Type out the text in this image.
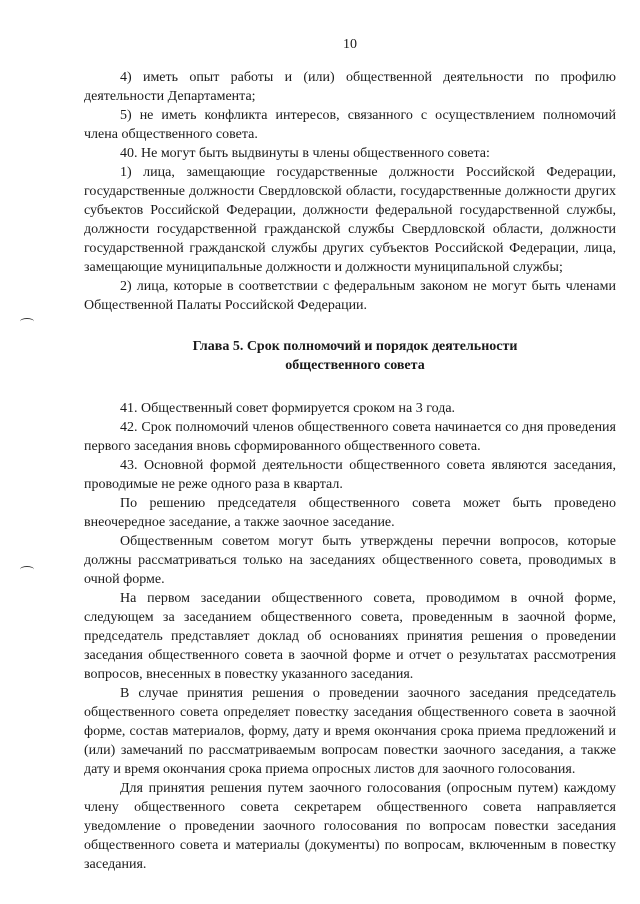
10

4) иметь опыт работы и (или) общественной деятельности по профилю деятельности Департамента;

5) не иметь конфликта интересов, связанного с осуществлением полномочий члена общественного совета.

40. Не могут быть выдвинуты в члены общественного совета:

1) лица, замещающие государственные должности Российской Федерации, государственные должности Свердловской области, государственные должности других субъектов Российской Федерации, должности федеральной государственной службы, должности государственной гражданской службы Свердловской области, должности государственной гражданской службы других субъектов Российской Федерации, лица, замещающие муниципальные должности и должности муниципальной службы;

2) лица, которые в соответствии с федеральным законом не могут быть членами Общественной Палаты Российской Федерации.

Глава 5. Срок полномочий и порядок деятельности
общественного совета

41. Общественный совет формируется сроком на 3 года.

42. Срок полномочий членов общественного совета начинается со дня проведения первого заседания вновь сформированного общественного совета.

43. Основной формой деятельности общественного совета являются заседания, проводимые не реже одного раза в квартал.

По решению председателя общественного совета может быть проведено внеочередное заседание, а также заочное заседание.

Общественным советом могут быть утверждены перечни вопросов, которые должны рассматриваться только на заседаниях общественного совета, проводимых в очной форме.

На первом заседании общественного совета, проводимом в очной форме, следующем за заседанием общественного совета, проведенным в заочной форме, председатель представляет доклад об основаниях принятия решения о проведении заседания общественного совета в заочной форме и отчет о результатах рассмотрения вопросов, внесенных в повестку указанного заседания.

В случае принятия решения о проведении заочного заседания председатель общественного совета определяет повестку заседания общественного совета в заочной форме, состав материалов, форму, дату и время окончания срока приема предложений и (или) замечаний по рассматриваемым вопросам повестки заочного заседания, а также дату и время окончания срока приема опросных листов для заочного голосования.

Для принятия решения путем заочного голосования (опросным путем) каждому члену общественного совета секретарем общественного совета направляется уведомление о проведении заочного голосования по вопросам повестки заседания общественного совета и материалы (документы) по вопросам, включенным в повестку заседания.
